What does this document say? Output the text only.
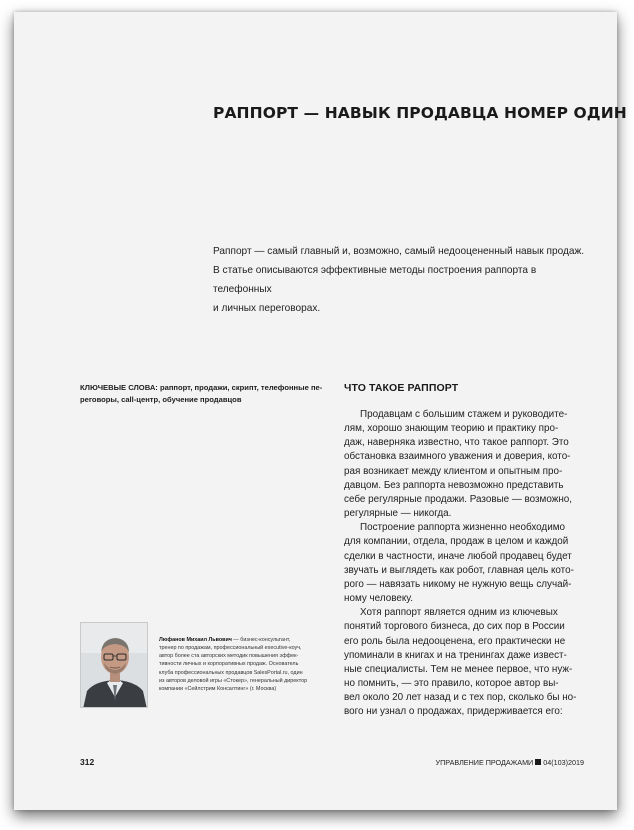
РАППОРТ — НАВЫК ПРОДАВЦА НОМЕР ОДИН
Раппорт — самый главный и, возможно, самый недооцененный навык продаж.
В статье описываются эффективные методы построения раппорта в телефонных
и личных переговорах.
КЛЮЧЕВЫЕ СЛОВА: раппорт, продажи, скрипт, телефонные пе-
реговоры, call-центр, обучение продавцов
ЧТО ТАКОЕ РАППОРТ
Продавцам с большим стажем и руководите-
лям, хорошо знающим теорию и практику про-
даж, наверняка известно, что такое раппорт. Это
обстановка взаимного уважения и доверия, кото-
рая возникает между клиентом и опытным про-
давцом. Без раппорта невозможно представить
себе регулярные продажи. Разовые — возможно,
регулярные — никогда.
Построение раппорта жизненно необходимо
для компании, отдела, продаж в целом и каждой
сделки в частности, иначе любой продавец будет
звучать и выглядеть как робот, главная цель кото-
рого — навязать никому не нужную вещь случай-
ному человеку.
Хотя раппорт является одним из ключевых
понятий торгового бизнеса, до сих пор в России
его роль была недооценена, его практически не
упоминали в книгах и на тренингах даже извест-
ные специалисты. Тем не менее первое, что нуж-
но помнить, — это правило, которое автор вы-
вел около 20 лет назад и с тех пор, сколько бы но-
вого ни узнал о продажах, придерживается его:
Люфанов Михаил Львович — бизнес-консультант,
тренер по продажам, профессиональный executive-коуч,
автор более ста авторских методик повышения эффек-
тивности личных и корпоративных продаж. Основатель
клуба профессиональных продавцов SalesPortal.ru, один
из авторов деловой игры «Стокер», генеральный директор
компании «Сейлстрим Консалтинг» (г. Москва)
312	УПРАВЛЕНИЕ ПРОДАЖАМИ 04(103)2019
